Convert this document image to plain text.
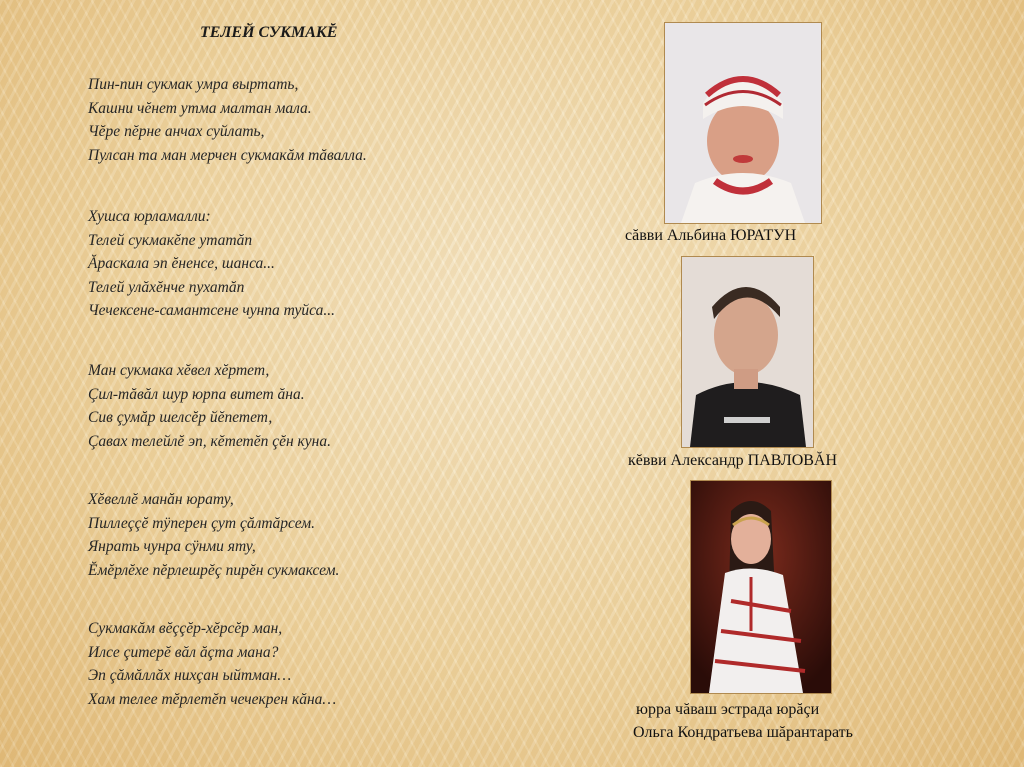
ТЕЛЕЙ СУКМАКĔ
Пин-пин сукмак умра выртать,
Кашни чĕнет утма малтан мала.
Чĕре пĕрне анчах суйлать,
Пулсан та ман мерчен сукмакăм тăвалла.
Хушса юрламалли:
Телей сукмакĕпе утатăп
Ăраскала эп ĕненсе, шанса...
Телей улăхĕнче пухатăп
Чечексене-самантсене чунпа туйса...
Ман сукмака хĕвел хĕртет,
Çил-тăвăл шур юрпа витет ăна.
Сив çумăр шелсĕр йĕпетет,
Çавах телейлĕ эп, кĕтетĕп çĕн куна.
Хĕвеллĕ манăн юрату,
Пиллеççĕ тÿперен çут çăлтăрсем.
Янрать чунра сÿнми яту,
Ĕмĕрлĕхе пĕрлешрĕç пирĕн сукмаксем.
Сукмакăм вĕççĕр-хĕрсĕр ман,
Илсе çитерĕ вăл ăçта мана?
Эп çăмăллăх нихçан ыйтман…
Хам телее тĕрлетĕп чечекрен кăна…
сăвви Альбина ЮРАТУН
кĕвви Александр ПАВЛОВĂН
юрра чăваш эстрада юрăçи
Ольга Кондратьева шăрантарать
